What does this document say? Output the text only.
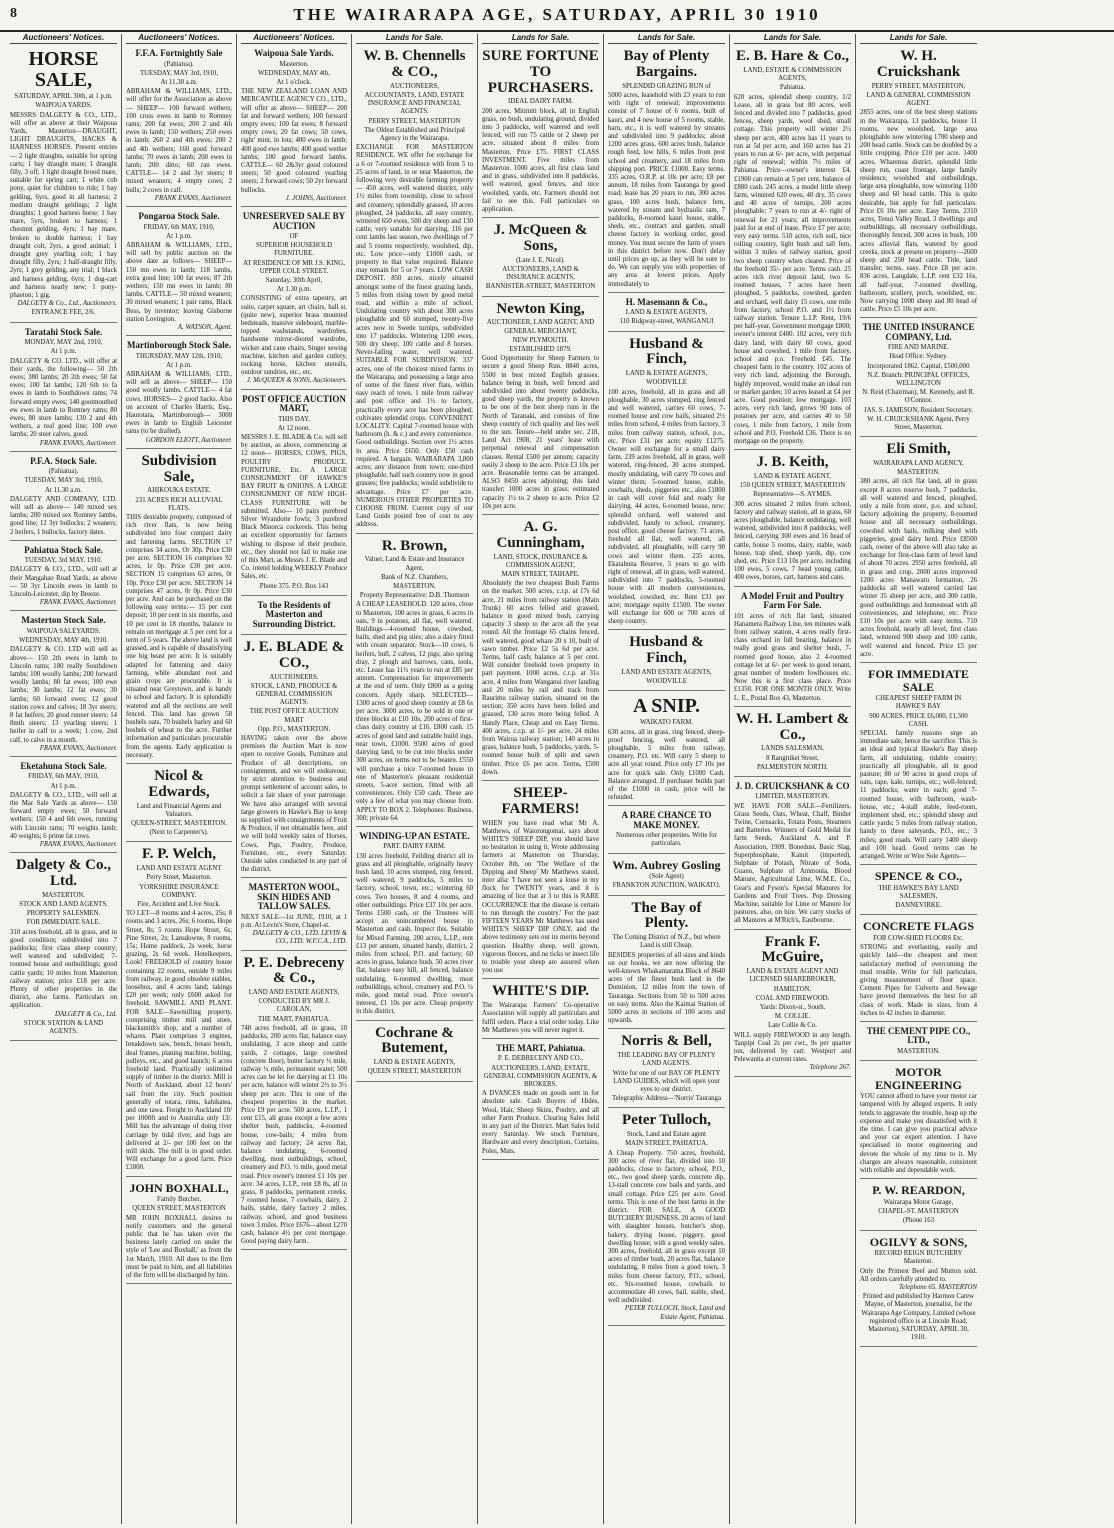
8	THE WAIRARAPA AGE, SATURDAY, APRIL 30 1910
Auctioneers' Notices.
HORSE SALE,
SATURDAY, APRIL 30th, at 1 p.m.
WAIPOUA YARDS.
MESSRS DALGETY & CO., LTD., will offer as above at their Waipoua Yards, Masterton—DRAUGHT, LIGHT DRAUGHTS, HACKS & HARNESS HORSES. Present entries— 2 light draughts, suitable for spring carts; 1 bay draught mare; 1 draught filly, 3 off; 1 light draught brood mare, suitable for spring cart; 1 white cob pony, quiet for children to ride; 1 bay gelding, 6yrs, good in all harness; 2 medium draught geldings; 2 light draughts; 1 good harness horse; 1 bay mare, 5yrs, broken to harness; 1 chestnut gelding, 4yrs; 1 bay mare, broken to double harness; 1 bay draught colt, 2yrs, a good animal; 1 draught grey yearling colt; 1 bay draught filly, 2yrs; 1 half-draught filly, 2yrs; 1 grey gelding, any trial; 1 black and harness gelding, 6yrs; 1 dog-cart and harness nearly new; 1 pony-phaeton; 1 gig.
DALGETY & Co., Ltd., Auctioneers.
ENTRANCE FEE, 2/6.
Taratahi Stock Sale.
MONDAY, MAY 2nd, 1910,
At 1 p.m.
DALGETY & CO. LTD., will offer at their yards, the following— 50 2th ewes; 380 lambs; 20 2th ewes; 50 fat ewes; 100 fat lambs; 120 6th to fa ewes in lamb to Southdown rams; 74 forward empty ewes; 140 gootmouthed ew ewes in lamb to Romney rams; 80 ewes; 80 store lambs; 130 2 and 4th wethers, a real good line; 100 ewe lambs; 20 steer calves, good.
FRANK EVANS, Auctioneer.
P.F.A. Stock Sale.
(Pahiatua).
TUESDAY, MAY 3rd, 1910,
At 11.30 a.m.
DALGETY AND COMPANY, LTD. will sell as above— 140 mixed sex lambs; 200 mixed sex Romney lambs, good line; 12 3yr bullocks; 2 weaners; 2 heifers, 1 bullocks, factory dates.
Pahiatua Stock Sale.
TUESDAY, 3rd MAY, 1910.
DALGETY & CO., LTD., will sell at their Mangahao Road Yards, as above— 50 3yr Lincoln ewes in lamb to Lincoln-Leicester, dip by Breeze.
FRANK EVANS, Auctioneer.
Masterton Stock Sale.
WAIPOUA SALEYARDS.
WEDNESDAY, MAY 4th, 1910.
DALGETY & CO. LTD will sell as above— 150 2th ewes in lamb to Lincoln rams; 180 really Southdown lambs; 100 woolly lambs; 200 forward woolly lambs; 80 fat ewes; 100 ewe lambs; 30 lambs; 12 fat ewes; 30 lambs; 60 forward ewes; 12 good station cows and calves; 18 3yr steers; 8 fat heifers; 20 good runner steers; 14 8mth steers; 13 yearling steers; 1 heifer in calf to a week; 1 cow, 2nd calf, to calve in a month.
FRANK EVANS, Auctioneer.
Eketahuna Stock Sale.
FRIDAY, 6th MAY, 1910,
At 1 p.m.
DALGETY & CO., LTD., will sell at the Mar Sale Yards as above— 150 forward empty ewes; 50 forward wethers; 150 4 and 6th ewes, running with Lincoln rams; 70 weights lamb; 40 weights; 6 prime fat cows.
FRANK EVANS, Auctioneer.
Dalgety & Co., Ltd.
MASTERTON.
STOCK AND LAND AGENTS.
PROPERTY SALESMEN.
FOR IMMEDIATE SALE.
310 acres freehold, all in grass, and in good condition; subdivided into 7 paddocks; first class sheep country; well watered and subdivided; 7-roomed house and outbuildings; good cattle yards; 10 miles from Masterton railway station; price £18 per acre. Plenty of other properties in the district, also farms. Particulars on application.
DALGETY & Co., Ltd.
STOCK STATION & LAND AGENTS.
Auctioneers' Notices.
F.F.A. Fortnightly Sale
(Pahiatua).
TUESDAY, MAY 3rd, 1910,
At 11.30 a.m.
ABRAHAM & WILLIAMS, LTD., will offer for the Association as above— SHEEP— 100 forward wethers; 100 cross ewes in lamb to Romney rams; 200 fat ewes; 200 2 and 4th ewes in lamb; 150 wethers; 250 ewes in lamb; 260 2 and 4th ewes; 200 2 and 4th wethers; 160 good forward lambs; 70 ewes in lamb; 200 ewes in lamb; 200 ditto; 60 ran ewes. CATTLE— 14 2 and 3yr steers; 8 mixed weaners; 4 empty cows; 2 bulls; 2 cows in calf.
FRANK EVANS, Auctioneer.
Pongaroa Stock Sale.
FRIDAY, 6th MAY, 1910,
At 1 p.m.
ABRAHAM & WILLIAMS, LTD., will sell by public auction on the above date as follows— SHEEP— 150 mn ewes in lamb; 118 lambs, extra good line; 100 fat ewes; 87 2th wethers; 150 mn ewes in lamb; 80 lambs. CATTLE— 50 mixed weaners; 30 mixed weaners; 1 pair rams, Black Bess, by inventor; leaving Gisborne station Lovington.
A. WATSON, Agent.
Martinborough Stock Sale.
THURSDAY, MAY 12th, 1910,
At 1 p.m.
ABRAHAM & WILLIAMS, LTD., will sell as above— SHEEP— 150 good woolly lambs. CATTLE— 4 fat cows. HORSES— 2 good hacks. Also on account of Charles Harris, Esq., Hautotara, Martinborough— 3000 ewes in lamb to English Leicester rams (to be drafted).
GORDON ELIOTT, Auctioneer.
Subdivision Sale,
AHIKOUKA ESTATE.
231 ACRES RICH ALLUVIAL FLATS.
THIS desirable property, composed of rich river flats, is now being subdivided into four compact dairy and fattening farms. SECTION 17 comprises 34 acres, Or 30p. Price £30 per acre. SECTION 16 comprises 92 acres, 1r 0p. Price £30 per acre. SECTION 15 comprises 63 acres, 0r 10p. Price £30 per acre. SECTION 14 comprises 47 acres, 0r 0p. Price £30 per acre. And can be purchased on the following easy terms:— 15 per cent deposit; 10 per cent in six months, and 10 per cent in 18 months, balance to remain on mortgage at 5 per cent for a term of 5 years. The above land is well grassed, and is capable of dissatisfying one big beast per acre. It is suitably adapted for fattening and dairy farming, while abundant root and grain crops are procurable. It is situated near Greytown, and is handy to school and factory. It is splendidly watered and all the sections are well fenced. This land has grown 58 bushels oats, 70 bushels barley and 60 bushels of wheat to the acre. Further information and particulars procurable from the agents. Early application is necessary.
Nicol & Edwards,
Land and Financial Agents and Valuators.
QUEEN-STREET, MASTERTON.
(Next to Carpenter's).
F. P. Welch,
LAND AND ESTATE AGENT
Perry Street, Masterton.
YORKSHIRE INSURANCE COMPANY.
Fire, Accident and Live Stock.
TO LET—8 rooms and 4 acres, 25s; 8 rooms and 3 acres, 26s; 6 rooms, Hope Street, 8s; 5 rooms Hope Street, 6s; Pine Street, 2s; Lansdowne, 8 rooms, 15s; Home paddock, 2s week; horse grazing, 2s 6d week. Hotelkeepers, Look! FREEHOLD of country house containing 22 rooms, outside 9 miles from railway, in good obsolete stables, loosebox, and 4 acres land; takings £20 per week; only £600 asked for freehold. SAWMILL AND PLANT. FOR SALE—Sawmilling property, comprising timber mill and store, blacksmith's shop, and a number of whares. Plant comprises 3 engines, breakdown saw, bench, breast bench, deal frames, planing machine, bolting, pulleys, etc., and good launch; 6 acres freehold land. Practically unlimited supply of timber in the district. Mill is North of Auckland, about 12 hours' sail from the city. Such position generally of totara, rimu, kahikatea, and one tawa. Freight to Auckland 10/ per 1000ft and to Australia only 13/. Mill has the advantage of doing river carriage by tidal river, and logs are delivered at 2/- per 100 feet on the mill skids. The mill is in good order. Will exchange for a good farm. Price £1800.
JOHN BOXHALL,
Family Butcher,
QUEEN STREET, MASTERTON
MR JOHN BOXHALL desires to notify customers and the general public that he has taken over the business lately carried on under the style of 'Lee and Boxhall,' as from the 1st March, 1910. All dues to the firm must be paid to him, and all liabilities of the firm will be discharged by him.
Auctioneers' Notices.
Waipoua Sale Yards.
Masterton.
WEDNESDAY, MAY 4th,
At 1 o'clock.
THE NEW ZEALAND LOAN AND MERCANTILE AGENCY CO., LTD., will offer as above— SHEEP— 200 fat and forward wethers; 100 forward empty ewes; 100 fat ewes; 8 forward empty cows; 20 fat cows; 50 cows, right' mint, in lots; 400 ewes in lamb; 400 good ewe lambs; 400 good wether lambs; 100 good forward lambs. CATTLE— 60 2&3yr good coloured steers; 50 good coloured yearling steers; 2 forward cows; 50 2yr forward bullocks.
J. JOHNS, Auctioneer.
UNRESERVED SALE BY AUCTION
OF
SUPERIOR HOUSEHOLD FURNITURE.
AT RESIDENCE OF MR J.S. KING, UPPER COLE STREET.
Saturday, 30th April,
At 1.30 p.m.
CONSISTING of extra tapestry, art suite, carpet square, art chairs, hall st. (quite new), superior brass mounted bedsteads, massive sideboard, marble-topped washstands, wardrobes, handsome mirror-doored wardrobe, wicker and cane chairs, Singer sewing machine, kitchen and garden cutlery, rocking horse, kitchen utensils, outdoor sundries, etc., etc.
J. McQUEEN & SONS, Auctioneers.
POST OFFICE AUCTION MART,
THIS DAY.
At 12 noon.
MESSRS J. E. BLADE & Co. will sell by auction, as above, commencing at 12 noon— HORSES, COWS, PIGS, POULTRY PRODUCE, FURNITURE, Etc. A LARGE CONSIGNMENT OF HAWKE'S BAY FRUIT & ONIONS. A LARGE CONSIGNMENT OF NEW HIGH-CLASS FURNITURE will be submitted. Also— 10 pairs purebred Silver Wyandotte fowls; 3 purebred Black Minorca cockerels. This being an excellent opportunity for farmers wishing to dispose of their produce, etc., they should not fail to make use of this Mart, as Messrs J. E. Blade and Co. intend holding WEEKLY Produce Sales, etc.
Phone 375. P.O. Box 143
To the Residents of Masterton and Surrounding District.
J. E. BLADE & CO.,
AUCTIONEERS.
STOCK, LAND, PRODUCE & GENERAL COMMISSION AGENTS.
THE POST OFFICE AUCTION MART
Opp. P.O., MASTERTON.
HAVING taken over the above premises the Auction Mart is now open to receive Goods, Furniture and Produce of all descriptions, on consignment, and we will endeavour, by strict attention to business and prompt settlement of account sales, to solicit a fair share of your patronage. We have also arranged with several large growers in Hawke's Bay to keep us supplied with consignments of Fruit & Produce, if not obtainable here, and we will hold weekly sales of Horses, Cows, Pigs, Poultry, Produce, Furniture, etc., every Saturday. Outside sales conducted in any part of the district.
MASTERTON WOOL, SKIN HIDES AND TALLOW SALES.
NEXT SALE—1st JUNE, 1910, at 1 p.m. At Levin's Store, Chapel-st.
DALGETY & CO., LTD. LEVIN & CO., LTD. W.F.C.A., LTD.
P. E. Debreceny & Co.,
LAND AND ESTATE AGENTS,
CONDUCTED BY MR J. CAROLAN,
THE MART, PAHIATUA.
748 acres freehold, all in grass, 10 paddocks, 200 acres flat, balance easy undulating, 3 acre sheep and cattle yards, 2 cottages, large cowshed (concrete floor), butter factory ½ mile, railway ¼ mile, permanent water; 500 acres can be let for dairying at £1 10s per acre, balance will winter 2½ to 3½ sheep per acre. This is one of the cheapest properties in the market. Price £9 per acre. 500 acres, L.I.P., 1 cent £15, all grass except a few acres shelter bush, paddocks, 4-roomed house, cow-bails; 4 miles from railway and factory; 24 acres flat, balance undulating, 6-roomed dwelling, most outbuildings, school, creamery and P.O. ½ mile, good metal road. Price owner's interest £1 10s per acre. 34 acres, L.I.P., rent £8 8s, all in grass, 8 paddocks, permanent creeks, 7 roomed house, 7 cowbails, dairy, 2 bails, stable, dairy factory 2 miles, railway, school, and good business town 3 miles. Price £676—about £270 cash, balance 4½ per cent mortgage. Good paying dairy farm.
Lands for Sale.
W. B. Chennells & CO.,
AUCTIONEERS,
ACCOUNTANTS, LAND, ESTATE INSURANCE AND FINANCIAL AGENTS.
PERRY STREET, MASTERTON
The Oldest Established and Principal Agency in the Wairarapa.
EXCHANGE FOR MASTERTON RESIDENCE. WE offer for exchange for a 6 or 7-roomed residence with from 5 to 25 acres of land, in or near Masterton, the following very desirable farming property— 450 acres, well watered district, only 1½ miles from township, close to school and creamery, splendidly grassed, 10 acres ploughed, 24 paddocks, all easy country, wintered 650 ewes, 500 dry sheep and 130 cattle, very suitable for dairying, 116 per cent lambs last season, two dwellings of 7 and 5 rooms respectively, woolshed, dip, etc. Low price—only £1000 cash, or property to that value required. Balance may remain for 5 or 7 years. LOW CASH DEPOSIT. 850 acres, nicely situated amongst some of the finest grazing lands, 5 miles from rising town by good metal road, and within a mile of school. Undulating country with about 300 acres ploughable and 60 stumped, twenty-five acres now in Swede turnips, subdivided into 17 paddocks. Wintering 1200 ewes, 500 dry sheep, 100 cattle and 8 horses. Never-failing water, well watered. SUITABLE FOR SUBDIVISION. 337 acres, one of the choicest mixed farms in the Wairarapa, and possessing a large area of some of the finest river flats, within easy reach of town, 1 mile from railway and post office and 1½ to factory, practically every acre has been ploughed, cultivates splendid crops. CONVENIENT LOCALITY. Capital 7-roomed house with bathroom (h. & c.) and every convenience. Good outbuildings. Section over 1½ acres in area. Price £650. Only £50 cash required. A bargain. WAIRARAPA 3,800 acres; any distance from town; one-third ploughable, half such country now in good grasses; five paddocks; would subdivide to advantage. Price £7 per acre. NUMEROUS OTHER PROPERTIES TO CHOOSE FROM. Current copy of our Land Guide posted free of cost to any address.
R. Brown,
Valuer, Land & Estate and Insurance Agent,
Bank of N.Z. Chambers,
MASTERTON.
Property Representative: D.B. Thomson
A CHEAP LEASEHOLD. 120 acres, close to Masterton, 100 acres in grass, 6 acres in oats, 9 in potatoes, all flat, well watered. Buildings—4-roomed house, cowshed, bails, shed and pig sties; also a dairy fitted with cream separator. Stock—10 cows, 6 heifers, bull, 2 calves, 12 pigs; also spring dray, 2 plough and harrows, cans, tools, etc. Lease has 11½ years to run at £85 per annum. Compensation for improvements at the end of term. Only £800 as a going concern. Apply sharp. SELECTED— 1300 acres of good sheep country at £8 6s per acre. 3000 acres, to be sold in one or three blocks at £10 10s. 200 acres of first-class dairy country at £16. £800 cash. 15 acres of good land and suitable build ings, near town, £1000. 9500 acres of good dairying land, to be cut into blocks under 300 acres, on terms not to be beaten. £550 will purchase a nice 7-roomed house in one of Masterton's pleasant residential streets, 5-acre section, fitted with all conveniences. Only £50 cash. These are only a few of what you may choose from. APPLY TO BOX 2. Telephones: Business, 300; private 64.
WINDING-UP AN ESTATE.
PART. DAIRY FARM.
130 acres freehold, Feilding district all in grass and all ploughable, originally heavy bush land, 10 acres stumped, ring fenced, well watered, 9 paddocks, 5 miles to factory, school, town, etc.; wintering 60 cows. Two houses, 8 and 4 rooms, and other outbuildings. Price £37 10s per acre. Terms £500 cash, or the Trustees will accept an unincumbered house in Masterton and cash. Inspect this. Suitable for Mixed Farming. 200 acres, L.I.P., rent £13 per annum, situated handy, district, 2 miles from school, P.O. and factory; 60 acres in grass, balance bush. 50 acres river flat, balance easy hill, all fenced, balance undulating, 6-roomed dwelling, most outbuildings, school, creamery and P.O. ½ mile, good metal road. Price owner's interest, £1 10s per acre. Cheap property in this district.
Cochrane & Butement,
LAND & ESTATE AGENTS,
QUEEN STREET, MASTERTON
Lands for Sale.
SURE FORTUNE TO PURCHASERS.
IDEAL DAIRY FARM.
200 acres, Mitimiti block, all in English grass, no bush, undulating ground, divided into 3 paddocks, well watered and well fenced, will run 75 cattle or 2 sheep per acre, situated about 8 miles from Masterton. Price £75. FIRST CLASS INVESTMENT. Five miles from Masterton. 1000 acres, all first class land and in grass, subdivided into 8 paddocks, well watered, good fences, and nice woolshed, yards, etc. Farmers should not fail to see this. Full particulars on application.
J. McQueen & Sons,
(Late J. E. Nicol).
AUCTIONEERS, LAND & INSURANCE AGENTS,
BANNISTER-STREET, MASTERTON
Newton King,
AUCTIONEER, LAND AGENT, AND GENERAL MERCHANT,
NEW PLYMOUTH.
ESTABLISHED 1879.
Good Opportunity for Sheep Farmers to secure a good Sheep Run. 8840 acres, 5500 in best mixed English grasses, balance being in bush, well fenced and subdivided into about twenty paddocks, good sheep yards, the property is known to be one of the best sheep runs in the North of Taranaki, and consists of fine sheep country of rich quality and lies well to the sun. Tenure—held under sec. 218, Land Act 1908, 21 years' lease with perpetual renewal and compensation clauses. Rental £500 per annum; capacity easily 3 sheep to the acre. Price £3 10s per acre. Reasonable terms can be arranged. ALSO 8450 acres adjoining; this land transfer; 1000 acres in grass; estimated capacity 1½ to 2 sheep to acre. Price £2 10s per acre.
A. G. Cunningham,
LAND, STOCK, INSURANCE & COMMISSION AGENT,
MAIN STREET, TAIHAPE.
Absolutely the two cheapest Bush Farms on the market. 500 acres, c.r.p. at 17s 6d acre, 21 miles from railway station (Main Trunk) 60 acres felled and grassed, balance in good mixed bush, carrying capacity 3 sheep to the acre all the year round. All the frontage 65 chains fenced, well watered, good whare 20 x 10, built of sawn timber. Price £2 5s 6d per acre. Terms, half cash; balance at 5 per cent. Will consider freehold town property in part payment. 1000 acres, c.r.p. at 31s acre, 4 miles from Wanganui river landing and 20 miles by rail and track from Raurimu railway station, situated on the section; 350 acres have been felled and grassed, 130 acres more being felled. A Handy Place, Cheap and on Easy Terms. 400 acres, c.r.p. at 1/- per acre, 24 miles from Wairoa railway station; 140 acres in grass, balance bush, 5 paddocks, yards, 5-roomed house built of split and sawn timber. Price £6 per acre. Terms, £500 down.
SHEEP-FARMERS!
WHEN you have read what Mr A. Matthews, of Waiorongomai, says about WHITE'S SHEEP DIP, you should have no hesitation in using it. Wrote addressing farmers at Masterton on Thursday, October 8th, on 'The Welfare of the Dipping and Sheep' Mr Matthews stated, inter alia: 'I have not seen a louse in my flock for TWENTY years, and it is amazing of lice that at 3 to this is RARE OCCURRENCE that the disease is certain to run through the country.' For the past FIFTEEN YEARS Mr Matthews has used WHITE'S SHEEP DIP ONLY, and the above testimony sets out its merits beyond question. Healthy sheep, well grown, vigorous fleeces, and no ticks or insect life to trouble your sheep are assured when you use
WHITE'S DIP.
The Wairarapa Farmers' Co-operative Association will supply all particulars and fulfil orders. Place a trial order today. Like Mr Matthews you will never regret it.
THE MART, Pahiatua.
P. E. DEBRECENY AND CO.,
AUCTIONEERS, LAND, ESTATE, GENERAL COMMISSION AGENTS, & BROKERS.
A DVANCES made on goods sent in for absolute sale. Cash Buyers of Hides, Wool, Hair, Sheep Skins, Poultry, and all other Farm Produce. Clearing Sales held in any part of the District. Mart Sales held every Saturday. We stock Furniture, Hardware and every description, Curtains, Poles, Mats.
Lands for Sale.
Bay of Plenty Bargains.
SPLENDID GRAZING RUN of
5000 acres, leasehold with 23 years to run with right of renewal; improvements consist of 7 house of 6 rooms, built of kauri, and 4 new house of 5 rooms, stable, barn, etc., it is well watered by streams and subdivided into 9 paddocks; about 1200 acres grass, 600 acres bush, balance rough feed, low hills, 6 miles from post school and creamery, and 18 miles from shipping port. PRICE £1000. Easy terms. 335 acres, O.R.P. at 10s per acre; £8 per annum, 18 miles from Tauranga by good road; lease has 20 years to run, 300 acres grass, 100 acres bush, balance fern, watered by stream and hydraulic ram, 7 paddocks, 8-roomed kauri house, stable, sheds, etc., contract and garden, small cheese factory in working order, good money. You must secure the farm of yours in this district before now. Don't delay until prices go up, as they will be sure to do. We can supply you with properties of any area at lowest prices. Apply immediately to
H. Masemann & Co.,
LAND & ESTATE AGENTS,
110 Ridgway-street, WANGANUI
Husband & Finch,
LAND & ESTATE AGENTS,
WOODVILLE
100 acres, freehold, all in grass and all ploughable, 30 acres stumped, ring fenced and well watered, carries 60 cows, 7-roomed house and cow bails, situated 2½ miles from school, 4 miles from factory, 3 miles from railway station, school, p.o., etc. Price £31 per acre; equity £1275. Owner will exchange for a small dairy farm. 239 acres freehold, all in grass, well watered, ring-fenced, 30 acres stumped, mostly undulating, will carry 70 cows and winter them; 5-roomed house, stable, cowbails, sheds, piggeries etc., also £1800 in cash will cover fold and ready for dairying. 44 acres, 6-roomed house, new; splendid orchard, well watered and subdivided, handy to school, creamery, post office, good cheese factory. 71 acres, freehold all flat, well watered, all subdivided, all ploughable, will carry 90 cows and winter them. 235 acres, Ekatahuna Reserve, 5 years to go with right of renewal, all in grass, well watered, subdivided into 7 paddocks, 5-roomed house with all modern conveniences, woolshed, cowshed, etc. Rent £31 per acre; mortgage equity £1500. The owner will exchange for 600 or 700 acres of sheep country.
Husband & Finch,
LAND AND ESTATE AGENTS,
WOODVILLE
A SNIP.
WAIKATO FARM.
630 acres, all in grass, ring fenced, sheep-proof fencing, well watered, all ploughable, 5 miles from railway, creamery, P.O. etc. Will carry 5 sheep to acre all year round. Price only £7 10s per acre for quick sale. Only £1000 Cash. Balance arranged. If purchaser builds part of the £1000 in cash, price will be refunded.
A RARE CHANCE TO MAKE MONEY.
Numerous other properties. Write for particulars.
Wm. Aubrey Gosling
(Sole Agent)
FRANKTON JUNCTION, WAIKATO.
The Bay of Plenty.
The Coming District of N.Z., but where Land is still Cheap.
BESIDES properties of all sizes and kinds on our books, we are now offering the well-known Whakamarama Block of 8640 acres of the finest bush land in the Dominion, 12 miles from the town of Tauranga. Sections from 50 to 500 acres on easy terms. Also the Kaimai Station of 5000 acres in sections of 100 acres and upwards.
Norris & Bell,
THE LEADING BAY OF PLENTY LAND AGENTS.
Write for one of our BAY OF PLENTY LAND GUIDES, which will open your eyes to our district.
Telegraphic Address—'Norris' Tauranga
Peter Tulloch,
Stock, Land and Estate agent
MAIN STREET, PAHIATUA.
A Cheap Property. 750 acres, freehold, 300 acres of river flat, divided into 10 paddocks, close to factory, school, P.O., etc., two good sheep yards, concrete dip, 13-stall concrete cow bails and yards, and small cottage. Price £25 per acre. Good terms. This is one of the best farms in the district. FOR SALE, A GOOD BUTCHERY BUSINESS. 20 acres of land with slaughter houses, butcher's shop, bakery, drying house, piggery, good dwelling house; with a good weekly sales. 300 acres, freehold, all in grass except 10 acres of timber bush, 20 acres flat, balance undulating, 8 miles from a good town, 3 miles from cheese factory, P.O., school, etc. Six-roomed house, cowbails to accommodate 40 cows, bail, stable, shed, well subdivided.
PETER TULLOCH, Stock, Land and Estate Agent, Pahiatua.
Lands for Sale.
E. B. Hare & Co.,
LAND, ESTATE & COMMISSION AGENTS,
Pahiatua.
620 acres, splendid sheep country, 1/2 Lease, all in grass but 80 acres, well fenced and divided into 7 paddocks, good fences, sheep yards, wool shed, small cottage. This property will winter 2½ sheep per acre, 400 acres has 11 years to run at 5d per acre, and 160 acres has 21 years to run at 6/- per acre, with perpetual right of renewal; within 7½ miles of Pahiatua. Price—owner's interest £4, £1900 can remain at 5 per cent, balance of £880 cash. 245 acres, a model little sheep farm, wintered 620 ewes, 40 dry, 35 cows and 40 acres of turnips, 200 acres ploughable; 7 years to run at 4/- right of renewal for 21 years; all improvements paid for at end of lease. Price £7 per acre; very easy terms. 510 acres, rich soil, nice rolling country, light bush and tall fern, within 3 miles of railway station, good two sheep country when cleared. Price of the freehold 35/- per acre. Terms cash. 25 acres rich river deposit land, two 6-roomed houses, 7 acres have been ploughed, 5 paddocks, cowshed, garden and orchard, well dairy 15 cows, one mile from factory, school P.O. and 1½ from railway station. Tenure L.I.P. Rent, 19/6 per half-year, Government mortgage £800; owner's interest £400. 102 acres, very rich dairy land, with dairy 60 cows, good house and cowshed, 1 mile from factory, school and p.o. Freehold £45. The cheapest farm in the country. 102 acres of very rich land, adjoining the Borough, highly improved, would make an ideal run or market garden; 10 acres leased at £4 per acre. Good position; low mortgage. 103 acres, very rich land, grows 90 tons of potatoes per acre, and carries 40 to 50 cows, 1 mile from factory, 1 mile from school and P.O. Freehold £36. There is no mortgage on the property.
J. B. Keith,
LAND & ESTATE AGENT,
150 QUEEN STREET, MASTERTON
Representative—S. AYMES.
300 acres situated 2 miles from school, factory and railway station, all in grass, 60 acres ploughable, balance undulating, well watered, subdivided into 8 paddocks, well fenced, carrying 300 ewes and 16 head of cattle, house 5 rooms, dairy, stable, wash house, trap shed, sheep yards, dip, cow shed, etc. Price £13 10s per acre, including 100 ewes, 5 cows, 7 head young cattle, 400 ewes, horses, cart, harness and cans.
A Model Fruit and Poultry Farm For Sale.
101 acres of rich flat land, situated Hanamera Railway Line, ten minutes walk from railway station, 4 acres really first-class orchard in full bearing, balance in really good grass and shelter bush, 7-roomed good house, also 2 4-roomed cottage let at 6/- per week to good tenant, great number of modern fowlhouses etc. Now this is a first class place. Price £1350. FOR ONE MONTH ONLY. Write L. E., Postal Box 43, Masterton.
W. H. Lambert & Co.,
LANDS SALESMAN,
8 Rangitikei Street,
PALMERSTON NORTH.
J. D. CRUICKSHANK & CO
LIMITED, MASTERTON.
WE HAVE FOR SALE—Fertilizers, Grass Seeds, Oats, Wheat, Chaff, Binder Twine, Cornsacks, Totara Posts, Steamers and Batteries. Winners of Gold Medal for farm Seeds, Auckland A. and P. Association, 1909. Bonedust, Basic Slag, Superphosphate, Kainit (imported), Sulphate of Potash, Nitrate of Soda, Guano, Sulphate of Ammonia, Blood Manure, Agricultural Lime, W.M.E. Co., Gear's and Fyson's. Special Manures for Gardens and Fruit Trees. Pop Dressing Machine, suitable for Lime or Manure for pastures, also, on hire. We carry stocks of all Manures at M'Rich's, Eastbourne.
Frank F. McGuire,
LAND & ESTATE AGENT AND LICENSED SHAREBROKER,
HAMILTON.
COAL AND FIREWOOD.
Yards: Dixon-st., South.
M. COLLIE.
Late Collie & Co.
WILL supply FIREWOOD in any length. Tanpipi Coal 2s per cwt., 9s per quarter ton, delivered by cart. Westport and Pelewanita at current rates.
Telephone 267.
Lands for Sale.
W. H. Cruickshank
PERRY STREET, MASTERTON,
LAND & GENERAL COMMISSION AGENT.
2855 acres, one of the best sheep stations in the Wairarapa, 13 paddocks, house 11 rooms, new woolshed, large area ploughable now wintering 1700 sheep and 200 head cattle. Stock can be doubled by a little cropping. Price £10 per acre. 1400 acres, Wharenua district, splendid little sheep run, coast frontage, large family residence, woolshed and outbuildings, large area ploughable, now wintering 1100 sheep and 60 head cattle. This is quite desirable, but apply for full particulars. Price £6 10s per acre. Easy Terms. 2310 acres, Tenui Valley Road, 3 dwellings and outbuildings, all necessary outbuildings, thoroughly fenced, 300 acres in bush, 100 acres alluvial flats, watered by good creeks, stock at present on property—2600 sheep and 250 head cattle. Title, land transfer; terms, easy. Price £8 per acre. 836 acres, Langdale, L.I.P. rent £32 16s, all half-year, 7-roomed dwelling, bathroom, scullery, porch, woolshed, etc. Now carrying 1000 sheep and 80 head of cattle. Price £5 10s per acre.
THE UNITED INSURANCE COMPANY, Ltd.
FIRE AND MARINE.
Head Office: Sydney.
Incorporated 1862. Capital, £500,000
N.Z. Branch: PRINCIPAL OFFICES, WELLINGTON
N. Reid (Chairman), M. Kennedy, and R. O'Connor.
JAS. S. JAMESON, Resident Secretary.
W. H. CRUICKSHANK Agent, Perry Street, Masterton.
Eli Smith,
WAIRARAPA LAND AGENCY,
MASTERTON.
380 acres, all rich flat land, all in grass except 8 acres reserve bush, 7 paddocks, all well watered and fenced, ploughed, only a mile from store, p.o. and school, factory adjoining the property, 8-roomed house and all necessary outbuildings, cowshed with bails, milking shed with piggeries, good dairy herd. Price £8500 cash, owner of the above will also take as exchange for first-class farm of level land of about 70 acres. 2950 acres freehold, all in grass and crop, 2000 acres improved 1200 acres Manawatu formation, 26 paddocks all well watered carried last winter 35 sheep per acre, and 300 cattle, good outbuildings and homestead with all conveniences, and telephone, etc. Price £10 10s per acre with easy terms. 710 acres freehold, nearly all level, first class land, wintered 900 sheep and 100 cattle, well watered and fenced. Price £5 per acre.
FOR IMMEDIATE SALE
CHEAPEST SHEEP FARM IN HAWKE'S BAY
900 ACRES. PRICE £6,000, £1,500 CASH.
SPECIAL family reasons urge an immediate sale, hence the sacrifice. This is an ideal and typical Hawke's Bay sheep farm, all undulating, ridable country; practically all ploughable, all in good pasture; 80 or 90 acres in good crops of oats, rape, kale, turnips, etc.; well-fenced; 11 paddocks; water in each; good 7-roomed house, with bathroom, wash-house, etc.; 4-stall stable, feed-room, implement shed, etc.; splendid sheep and cattle yards; 5 miles from railway station, handy to three saleyards, P.O., etc.; 3 miles; good roads. Will carry 1400 sheep and 100 head. Good terms can be arranged. Write or Wire Sole Agents—
SPENCE & CO.,
THE HAWKE'S BAY LAND SALESMEN,
DANNEVIRKE.
CONCRETE FLAGS
FOR COW-SHED FLOORS Etc.
STRONG and everlasting, easily and quickly laid—the cheapest and most satisfactory method of overcoming the mud trouble. Write for full particulars, giving measurement of floor space. Cement Pipes for Culverts and Sewage have proved themselves the best for all class of work. Made in sizes, from 4 inches to 42 inches in diameter.
THE CEMENT PIPE CO., LTD.,
MASTERTON.
MOTOR ENGINEERING
YOU cannot afford to have your motor car tampered with by alleged experts. It only tends to aggravate the trouble, heap up the expense and make you dissatisfied with it the time. I can give you practical advice and your car expert attention. I have specialised in motor engineering and devote the whole of my time to it. My charges are always reasonable, consistent with reliable and dependable work.
P. W. REARDON,
Wairarapa Motor Garage,
CHAPEL-ST. MASTERTON
(Phone 163
OGILVY & SONS,
RECORD REIGN BUTCHERY Masterton.
Only the Primest Beef and Mutton sold. All orders carefully attended to.
Telephone 65. MASTERTON
Printed and published by Harmon Carew Mayne, of Masterton, journalist, for the Wairarapa Age Company, Limited (whose registered office is at Lincoln Road, Masterton), SATURDAY, APRIL 30, 1910.
